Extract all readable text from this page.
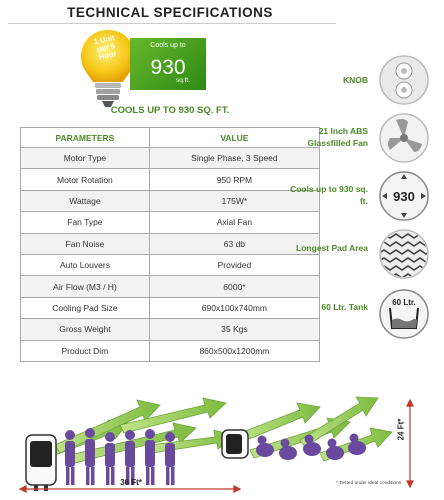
TECHNICAL SPECIFICATIONS
1 Unit per 5 Hour
Cools up to
930
sq.ft.
COOLS UP TO 930 SQ. FT.
PARAMETERS	VALUE
Motor Type	Single Phase, 3 Speed
Motor Rotation	950 RPM
Wattage	175W*
Fan Type	Axial Fan
Fan Noise	63 db
Auto Louvers	Provided
Air Flow (M3 / H)	6000*
Cooling Pad Size	690x100x740mm
Gross Weight	35 Kgs
Product Dim	860x500x1200mm
KNOB
21 Inch ABS Glassfilled Fan
Cools up to 930 sq. ft. 930
Longest Pad Area
60 Ltr. Tank	60 Ltr.
36 Ft*
24 Ft*
* Tested under ideal conditions
